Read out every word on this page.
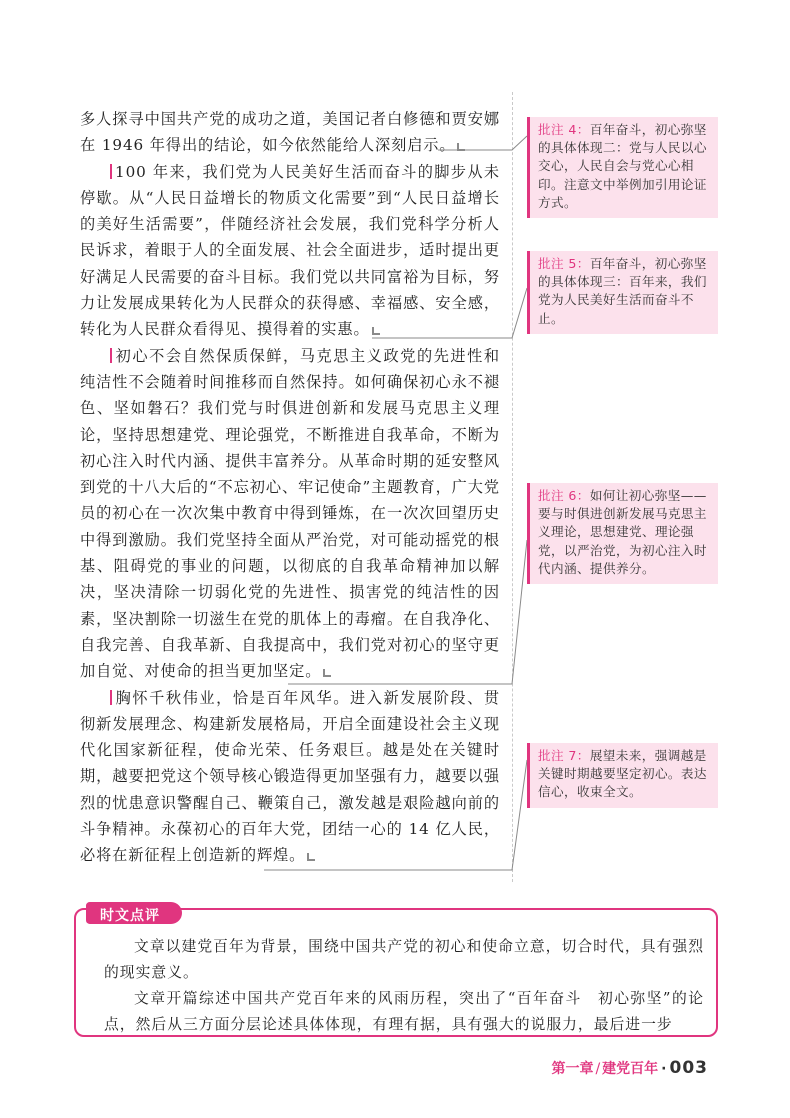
多人探寻中国共产党的成功之道，美国记者白修德和贾安娜在 1946 年得出的结论，如今依然能给人深刻启示。

100 年来，我们党为人民美好生活而奋斗的脚步从未停歇。从“人民日益增长的物质文化需要”到“人民日益增长的美好生活需要”，伴随经济社会发展，我们党科学分析人民诉求，着眼于人的全面发展、社会全面进步，适时提出更好满足人民需要的奋斗目标。我们党以共同富裕为目标，努力让发展成果转化为人民群众的获得感、幸福感、安全感，转化为人民群众看得见、摸得着的实惠。

初心不会自然保质保鲜，马克思主义政党的先进性和纯洁性不会随着时间推移而自然保持。如何确保初心永不褪色、坚如磐石？我们党与时俱进创新和发展马克思主义理论，坚持思想建党、理论强党，不断推进自我革命，不断为初心注入时代内涵、提供丰富养分。从革命时期的延安整风到党的十八大后的“不忘初心、牢记使命”主题教育，广大党员的初心在一次次集中教育中得到锤炼，在一次次回望历史中得到激励。我们党坚持全面从严治党，对可能动摇党的根基、阻碍党的事业的问题，以彻底的自我革命精神加以解决，坚决清除一切弱化党的先进性、损害党的纯洁性的因素，坚决割除一切滋生在党的肌体上的毒瘤。在自我净化、自我完善、自我革新、自我提高中，我们党对初心的坚守更加自觉、对使命的担当更加坚定。

胸怀千秋伟业，恰是百年风华。进入新发展阶段、贯彻新发展理念、构建新发展格局，开启全面建设社会主义现代化国家新征程，使命光荣、任务艰巨。越是处在关键时期，越要把党这个领导核心锻造得更加坚强有力，越要以强烈的忧患意识警醒自己、鞭策自己，激发越是艰险越向前的斗争精神。永葆初心的百年大党，团结一心的 14 亿人民，必将在新征程上创造新的辉煌。

批注 4：百年奋斗，初心弥坚的具体体现二：党与人民以心交心，人民自会与党心心相印。注意文中举例加引用论证方式。
批注 5：百年奋斗，初心弥坚的具体体现三：百年来，我们党为人民美好生活而奋斗不止。
批注 6：如何让初心弥坚——要与时俱进创新发展马克思主义理论，思想建党、理论强党，以严治党，为初心注入时代内涵、提供养分。
批注 7：展望未来，强调越是关键时期越要坚定初心。表达信心，收束全文。
时文点评

文章以建党百年为背景，围绕中国共产党的初心和使命立意，切合时代，具有强烈的现实意义。

文章开篇综述中国共产党百年来的风雨历程，突出了“百年奋斗　初心弥坚”的论点，然后从三方面分层论述具体体现，有理有据，具有强大的说服力，最后进一步

第一章 / 建党百年 · 003
